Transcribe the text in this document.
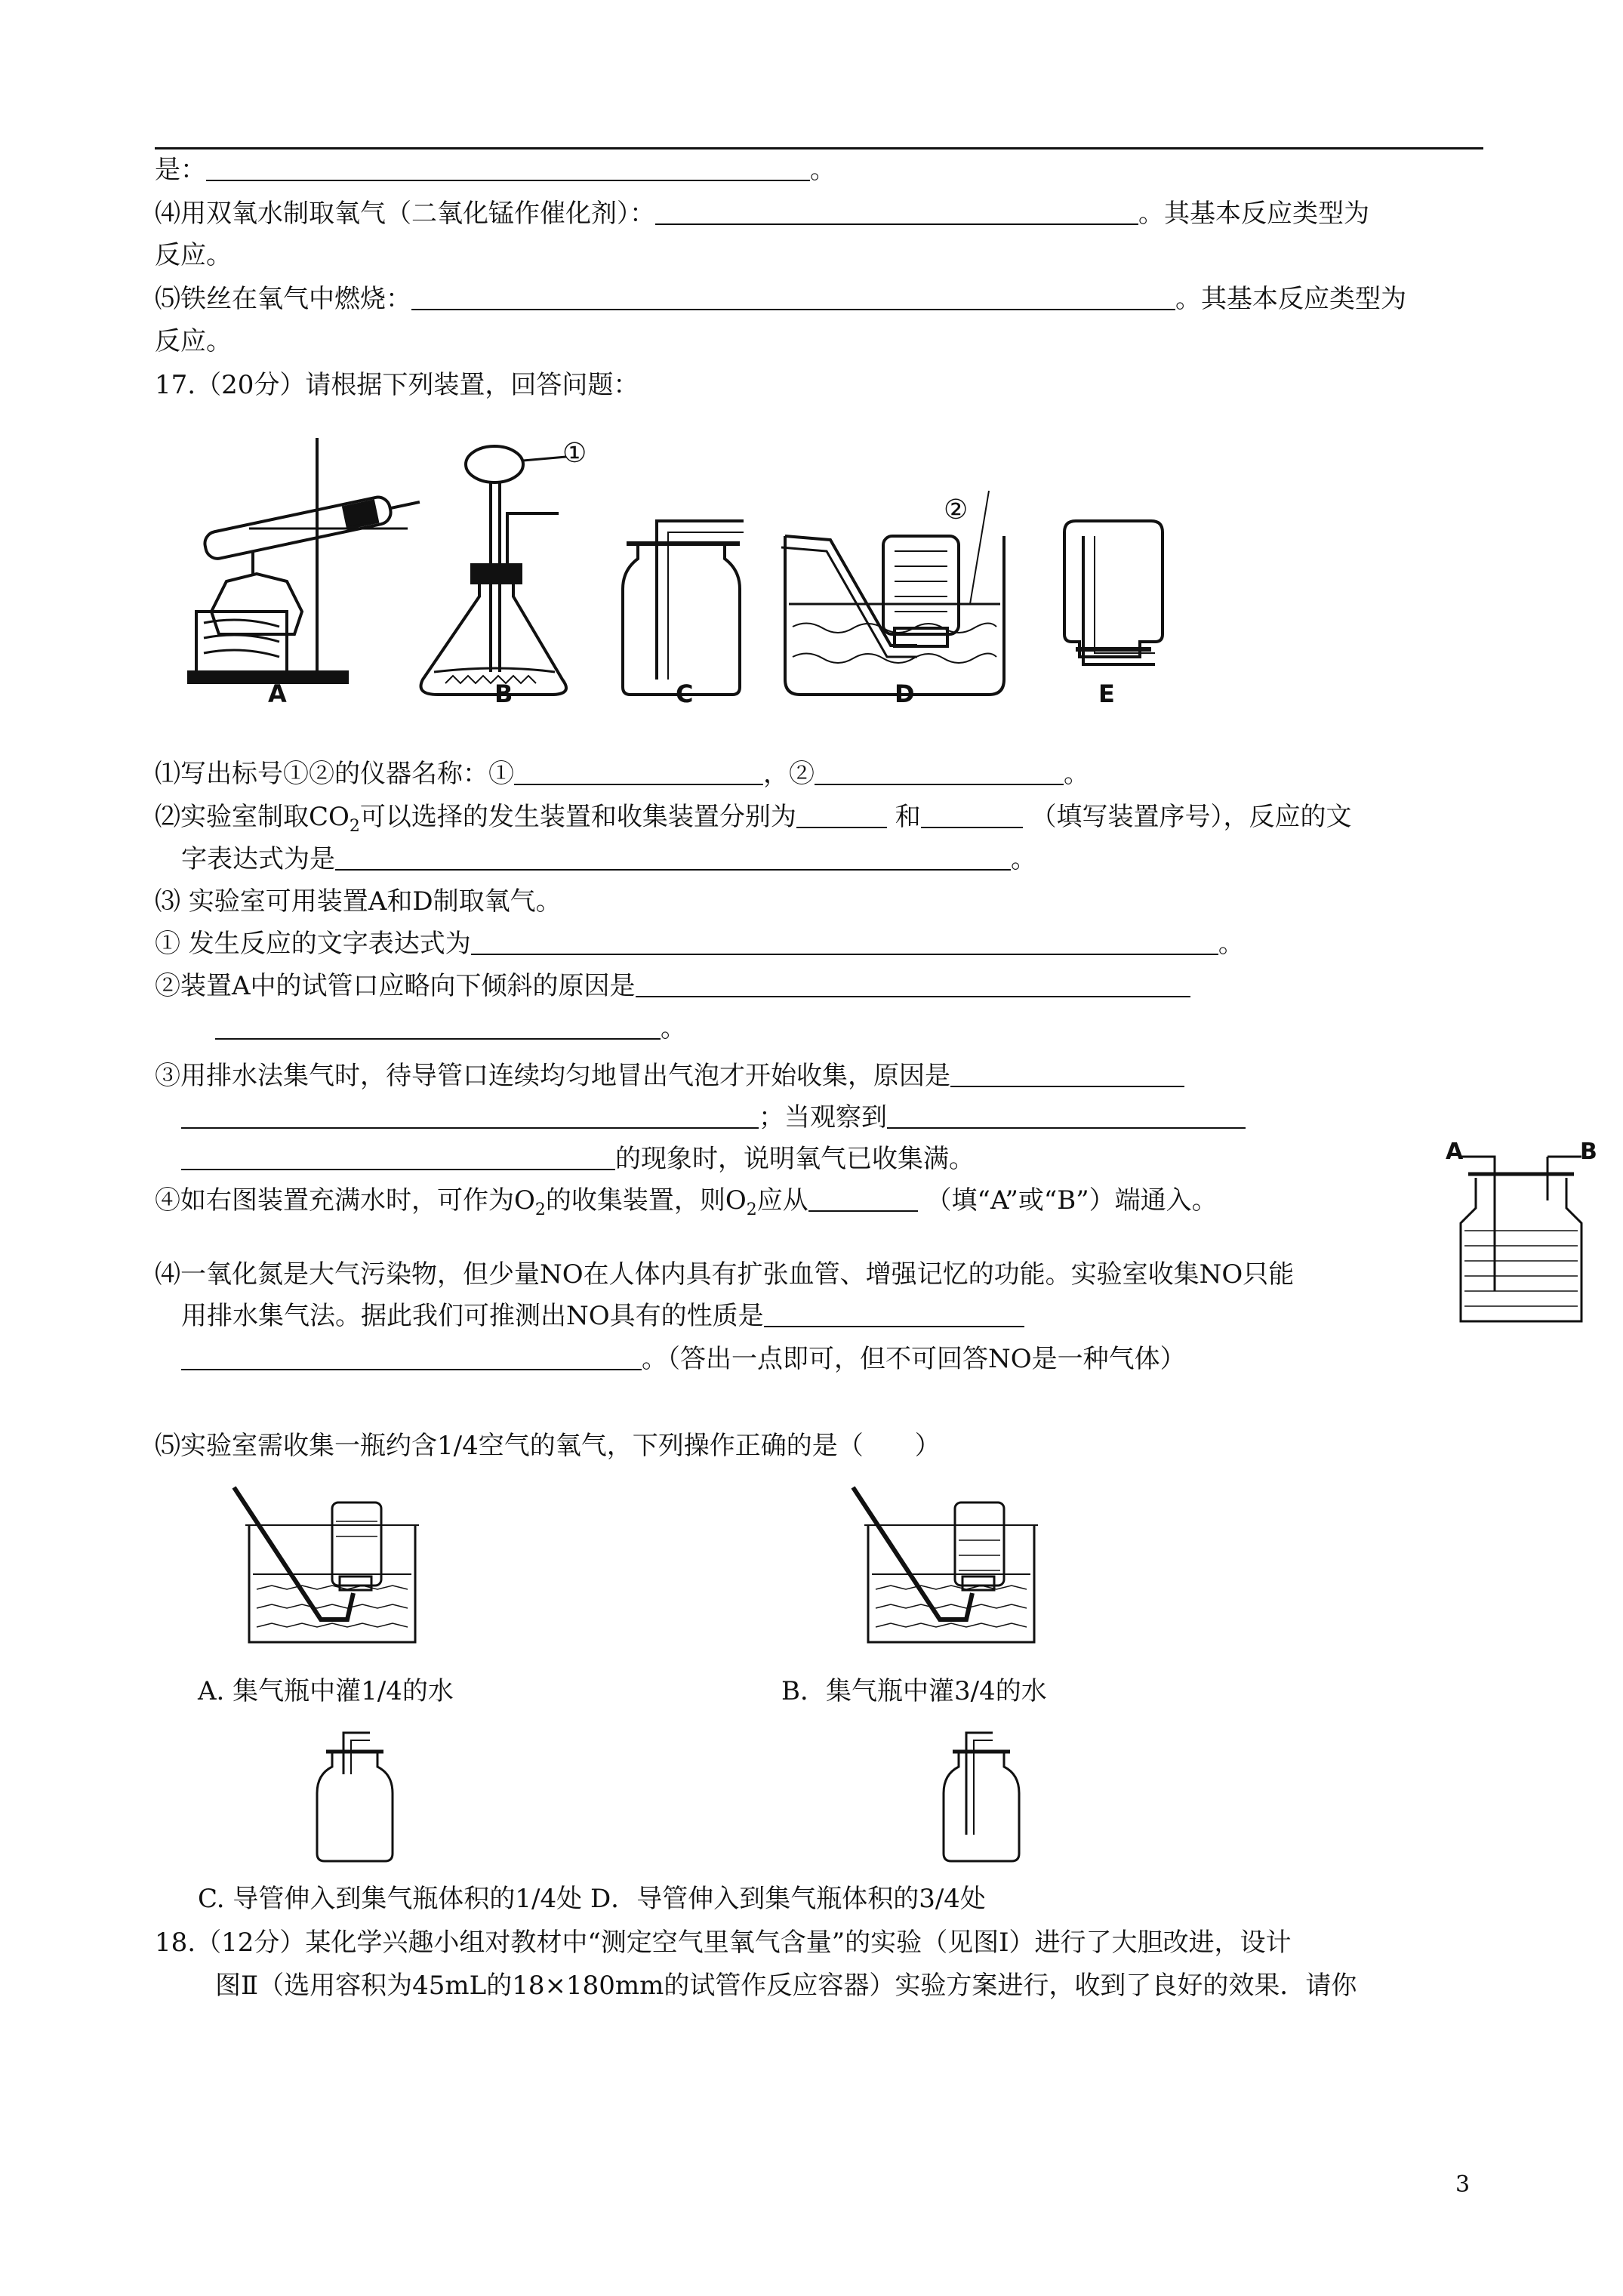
是：	。
⑷用双氧水制取氧气（二氧化锰作催化剂）：	。其基本反应类型为
反应。
⑸铁丝在氧气中燃烧：	。其基本反应类型为
反应。
17.（20分）请根据下列装置，回答问题：
A	B	C	D	E
①
②
⑴写出标号①②的仪器名称：①	，②	。
⑵实验室制取$CO_2$可以选择的发生装置和收集装置分别为	和	（填写装置序号），反应的文
字表达式为是	。
⑶ 实验室可用装置A和D制取氧气。
① 发生反应的文字表达式为	。
②装置A中的试管口应略向下倾斜的原因是
。
③用排水法集气时，待导管口连续均匀地冒出气泡才开始收集，原因是
；当观察到
的现象时，说明氧气已收集满。
④如右图装置充满水时，可作为$O_2$的收集装置，则$O_2$应从	（填“A”或“B”）端通入。
A	B
⑷一氧化氮是大气污染物，但少量NO在人体内具有扩张血管、增强记忆的功能。实验室收集NO只能
用排水集气法。据此我们可推测出NO具有的性质是
。（答出一点即可，但不可回答NO是一种气体）
⑸实验室需收集一瓶约含1/4空气的氧气，下列操作正确的是（　　）
A. 集气瓶中灌1/4的水	B．集气瓶中灌3/4的水
C. 导管伸入到集气瓶体积的1/4处 D．导管伸入到集气瓶体积的3/4处
18.（12分）某化学兴趣小组对教材中“测定空气里氧气含量”的实验（见图Ⅰ）进行了大胆改进，设计
图Ⅱ（选用容积为45mL的18×180mm的试管作反应容器）实验方案进行，收到了良好的效果．请你
3
